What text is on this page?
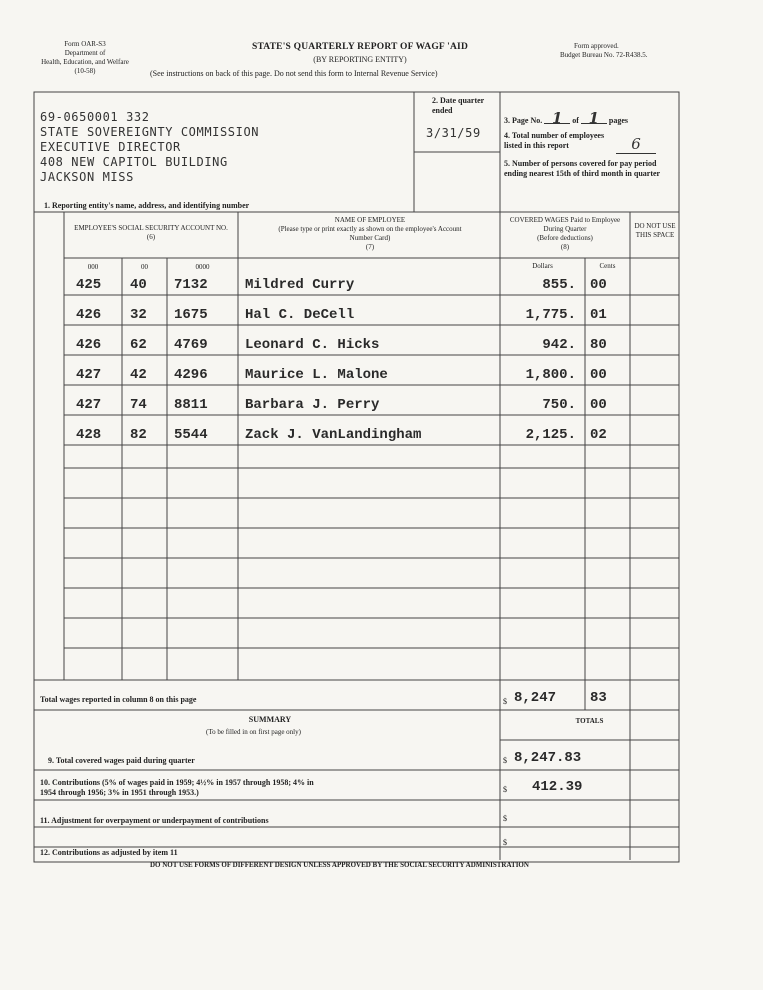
Form OAR-S3
Department of
Health, Education, and Welfare
(10-58)
STATE'S QUARTERLY REPORT OF WAGF 'AID
(BY REPORTING ENTITY)
Form approved.
Budget Bureau No. 72-R438.5.
(See instructions on back of this page. Do not send this form to Internal Revenue Service)
69-0650001 332
STATE SOVEREIGNTY COMMISSION
EXECUTIVE DIRECTOR
408 NEW CAPITOL BUILDING
JACKSON MISS
1. Reporting entity's name, address, and identifying number
2. Date quarter ended
3/31/59
3. Page No. 1 of 1 pages
4. Total number of employees listed in this report	6
5. Number of persons covered for pay period ending nearest 15th of third month in quarter
EMPLOYEE'S SOCIAL SECURITY ACCOUNT NO.
(6)
NAME OF EMPLOYEE
(Please type or print exactly as shown on the employee's Account Number Card)
(7)
COVERED WAGES Paid to Employee During Quarter
(Before deductions)
(8)
DO NOT USE THIS SPACE
000	00	0000	Dollars	Cents
425 40 7132	Mildred Curry	855. 00
426 32 1675	Hal C. DeCell	1,775. 01
426 62 4769	Leonard C. Hicks	942. 80
427 42 4296	Maurice L. Malone	1,800. 00
427 74 8811	Barbara J. Perry	750. 00
428 82 5544	Zack J. VanLandingham	2,125. 02
Total wages reported in column 8 on this page	$ 8,247 83
SUMMARY
(To be filled in on first page only)
TOTALS
9. Total covered wages paid during quarter	$ 8,247.83
10. Contributions (5% of wages paid in 1959; 4½% in 1957 through 1958; 4% in 1954 through 1956; 3% in 1951 through 1953.)	$ 412.39
11. Adjustment for overpayment or underpayment of contributions	$
12. Contributions as adjusted by item 11
$
DO NOT USE FORMS OF DIFFERENT DESIGN UNLESS APPROVED BY THE SOCIAL SECURITY ADMINISTRATION
